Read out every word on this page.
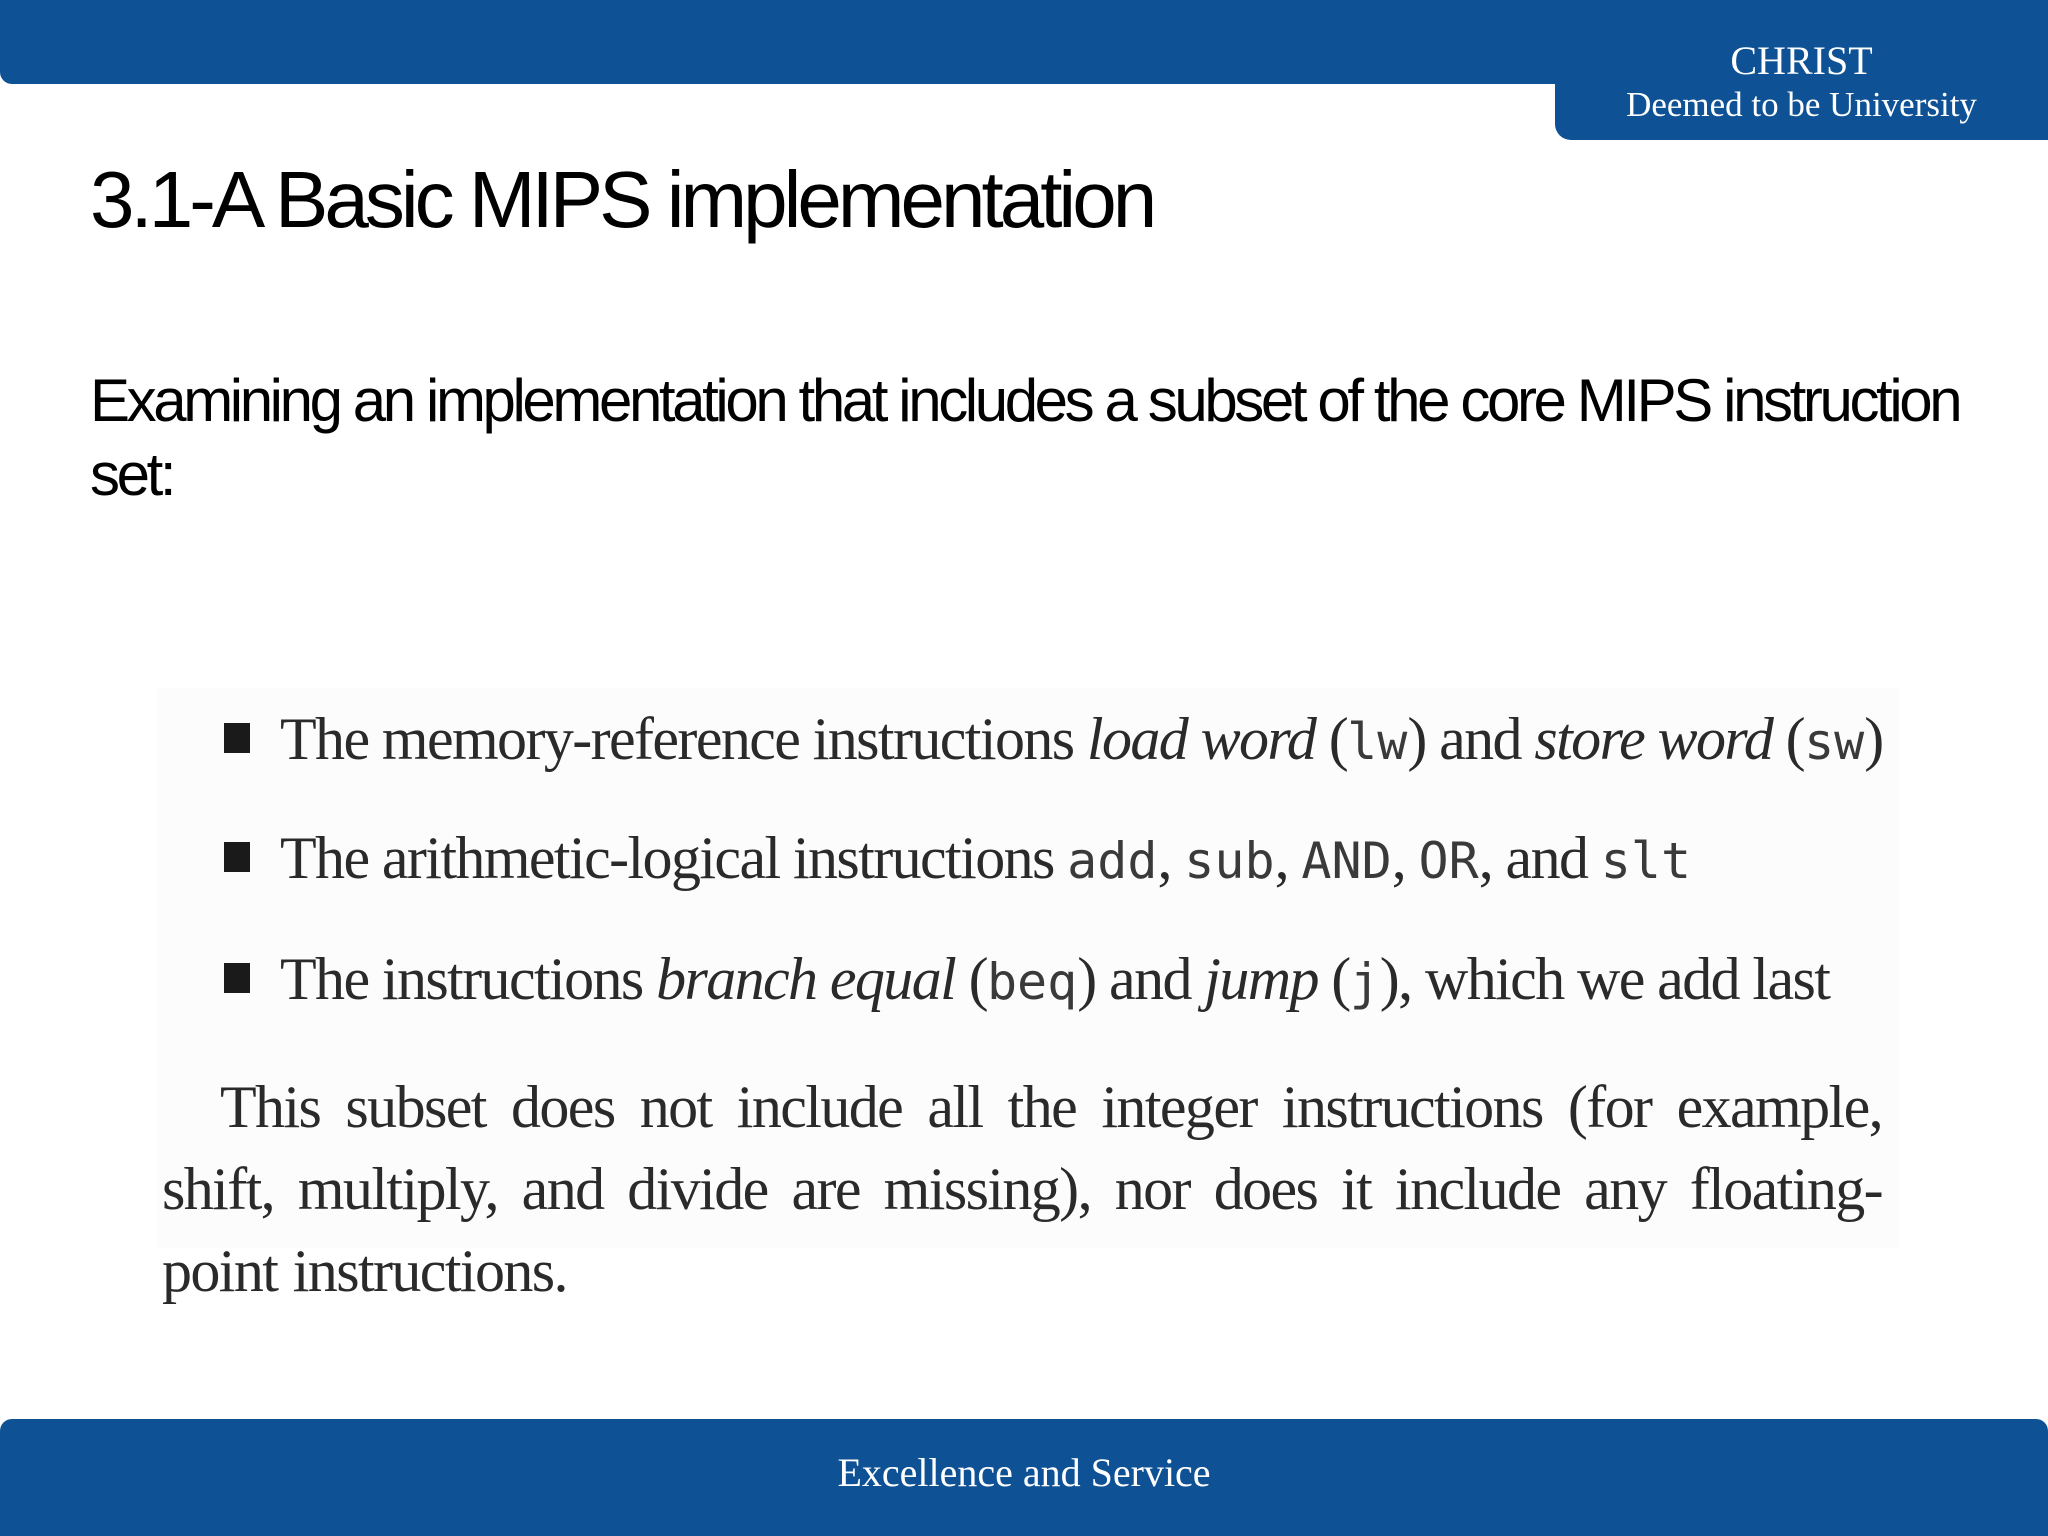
CHRIST
Deemed to be University
3.1-A Basic MIPS implementation

Examining an implementation that includes a subset of the core MIPS instruction set:

The memory-reference instructions load word (lw) and store word (sw)
The arithmetic-logical instructions add, sub, AND, OR, and slt
The instructions branch equal (beq) and jump (j), which we add last

This subset does not include all the integer instructions (for example, shift, multiply, and divide are missing), nor does it include any floating-point instructions.

Excellence and Service
